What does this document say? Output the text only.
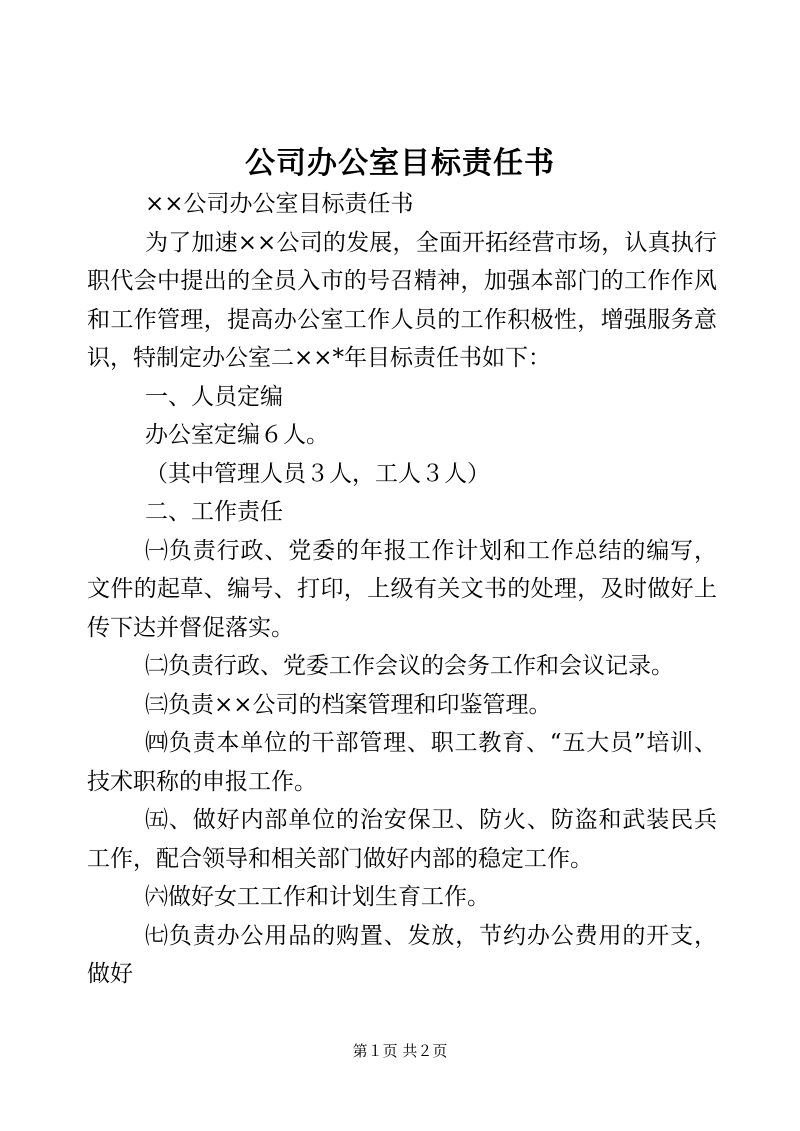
公司办公室目标责任书

××公司办公室目标责任书

为了加速××公司的发展，全面开拓经营市场，认真执行职代会中提出的全员入市的号召精神，加强本部门的工作作风和工作管理，提高办公室工作人员的工作积极性，增强服务意识，特制定办公室二××*年目标责任书如下：

一、人员定编

办公室定编６人。

（其中管理人员３人，工人３人）

二、工作责任

㈠负责行政、党委的年报工作计划和工作总结的编写，文件的起草、编号、打印，上级有关文书的处理，及时做好上传下达并督促落实。

㈡负责行政、党委工作会议的会务工作和会议记录。

㈢负责××公司的档案管理和印鉴管理。

㈣负责本单位的干部管理、职工教育、“五大员”培训、技术职称的申报工作。

㈤、做好内部单位的治安保卫、防火、防盗和武装民兵工作，配合领导和相关部门做好内部的稳定工作。

㈥做好女工工作和计划生育工作。

㈦负责办公用品的购置、发放，节约办公费用的开支，做好

第１页 共２页
